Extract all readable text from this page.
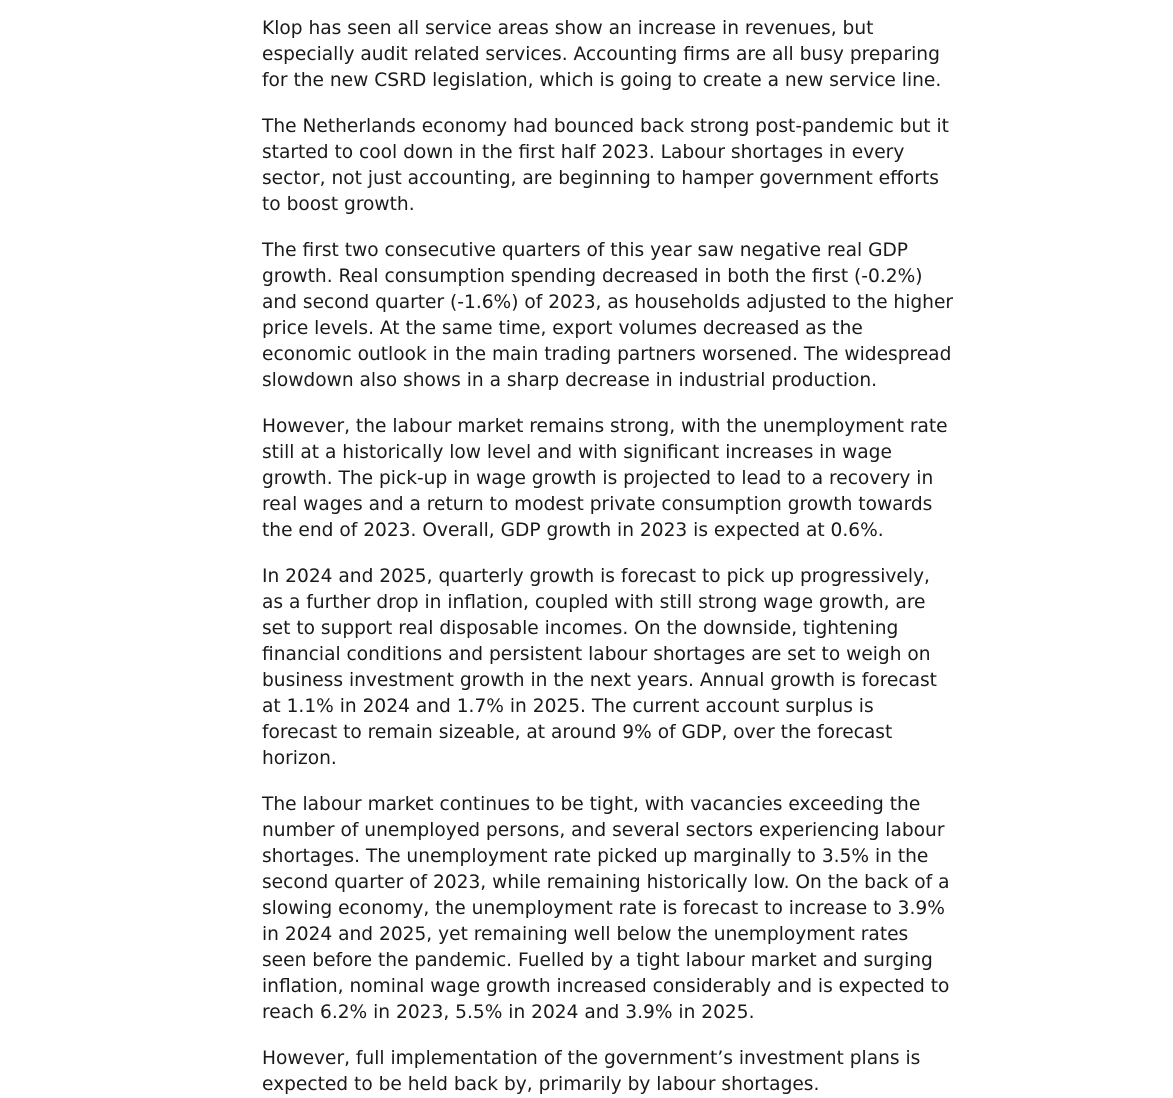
Klop has seen all service areas show an increase in revenues, but especially audit related services. Accounting firms are all busy preparing for the new CSRD legislation, which is going to create a new service line.

The Netherlands economy had bounced back strong post-pandemic but it started to cool down in the first half 2023. Labour shortages in every sector, not just accounting, are beginning to hamper government efforts to boost growth.

The first two consecutive quarters of this year saw negative real GDP growth. Real consumption spending decreased in both the first (-0.2%) and second quarter (-1.6%) of 2023, as households adjusted to the higher price levels. At the same time, export volumes decreased as the economic outlook in the main trading partners worsened. The widespread slowdown also shows in a sharp decrease in industrial production.

However, the labour market remains strong, with the unemployment rate still at a historically low level and with significant increases in wage growth. The pick-up in wage growth is projected to lead to a recovery in real wages and a return to modest private consumption growth towards the end of 2023. Overall, GDP growth in 2023 is expected at 0.6%.

In 2024 and 2025, quarterly growth is forecast to pick up progressively, as a further drop in inflation, coupled with still strong wage growth, are set to support real disposable incomes. On the downside, tightening financial conditions and persistent labour shortages are set to weigh on business investment growth in the next years. Annual growth is forecast at 1.1% in 2024 and 1.7% in 2025. The current account surplus is forecast to remain sizeable, at around 9% of GDP, over the forecast horizon.

The labour market continues to be tight, with vacancies exceeding the number of unemployed persons, and several sectors experiencing labour shortages. The unemployment rate picked up marginally to 3.5% in the second quarter of 2023, while remaining historically low. On the back of a slowing economy, the unemployment rate is forecast to increase to 3.9% in 2024 and 2025, yet remaining well below the unemployment rates seen before the pandemic. Fuelled by a tight labour market and surging inflation, nominal wage growth increased considerably and is expected to reach 6.2% in 2023, 5.5% in 2024 and 3.9% in 2025.

However, full implementation of the government’s investment plans is expected to be held back by, primarily by labour shortages.
